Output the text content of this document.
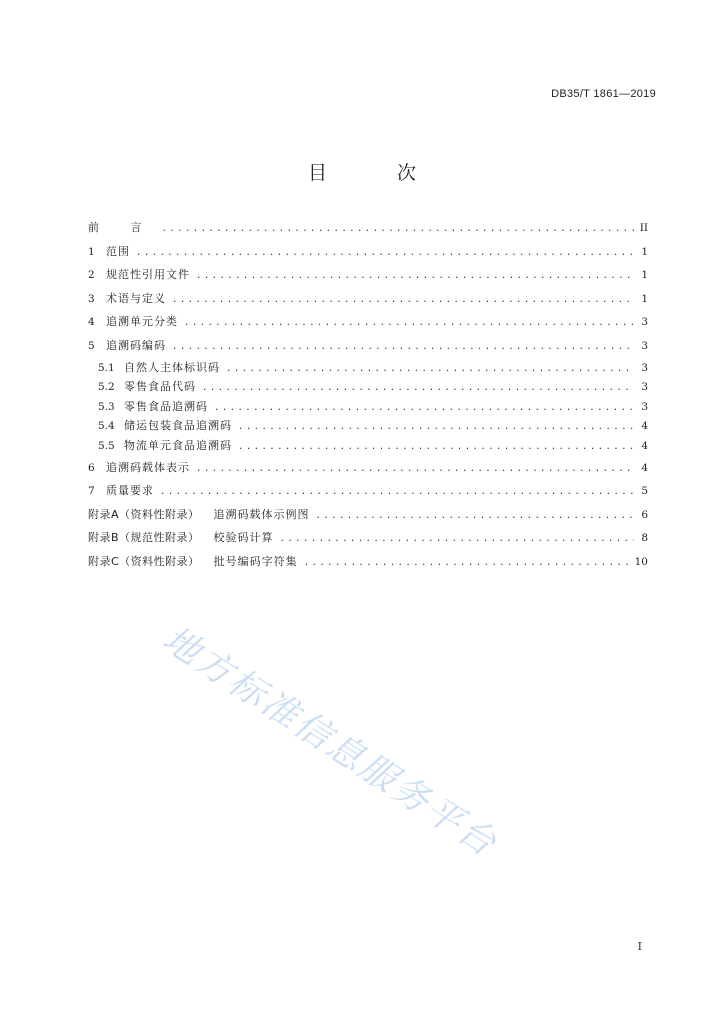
DB35/T 1861—2019
目 次
前 言 .....	II
1	范围 .....	1
2	规范性引用文件 .....	1
3	术语与定义 .....	1
4	追溯单元分类 .....	3
5	追溯码编码 .....	3
5.1 自然人主体标识码 .....	3
5.2 零售食品代码 .....	3
5.3 零售食品追溯码 .....	3
5.4 储运包装食品追溯码 .....	4
5.5 物流单元食品追溯码 .....	4
6	追溯码载体表示 .....	4
7	质量要求 .....	5
附录A（资料性附录） 追溯码载体示例图 .....	6
附录B（规范性附录） 校验码计算 .....	8
附录C（资料性附录） 批号编码字符集 .....	10
地方标准信息服务平台
I
